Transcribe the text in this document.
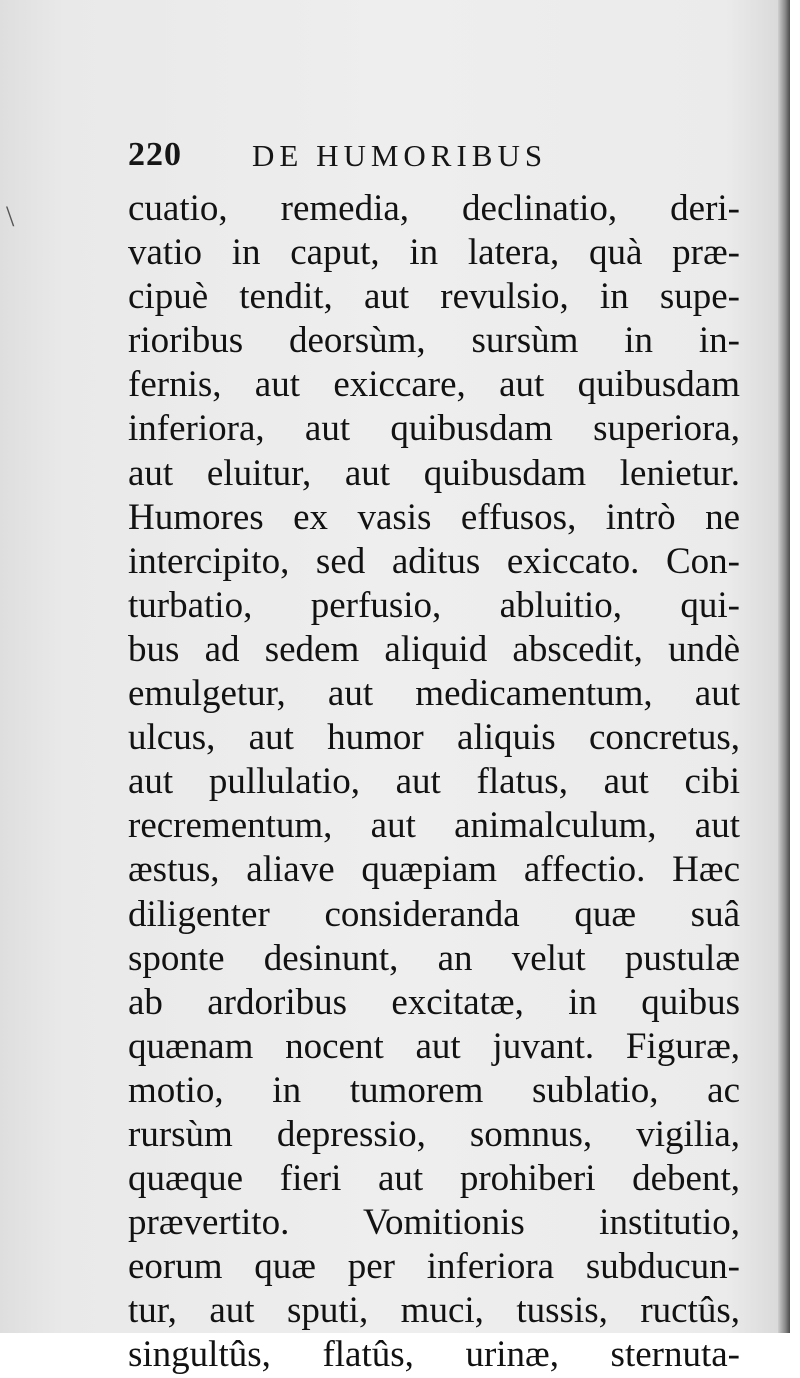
220 DE HUMORIBUS
\	cuatio, remedia, declinatio, deri-
vatio in caput, in latera, quà præ-
cipuè tendit, aut revulsio, in supe-
rioribus deorsùm, sursùm in in-
fernis, aut exiccare, aut quibusdam
inferiora, aut quibusdam superiora,
aut eluitur, aut quibusdam lenietur.
Humores ex vasis effusos, intrò ne
intercipito, sed aditus exiccato. Con-
turbatio, perfusio, abluitio, qui-
bus ad sedem aliquid abscedit, undè
emulgetur, aut medicamentum, aut
ulcus, aut humor aliquis concretus,
aut pullulatio, aut flatus, aut cibi
recrementum, aut animalculum, aut
æstus, aliave quæpiam affectio. Hæc
diligenter consideranda quæ suâ
sponte desinunt, an velut pustulæ
ab ardoribus excitatæ, in quibus
quænam nocent aut juvant. Figuræ,
motio, in tumorem sublatio, ac
rursùm depressio, somnus, vigilia,
quæque fieri aut prohiberi debent,
prævertito. Vomitionis institutio,
eorum quæ per inferiora subducun-
tur, aut sputi, muci, tussis, ructûs,
singultûs, flatûs, urinæ, sternuta-
